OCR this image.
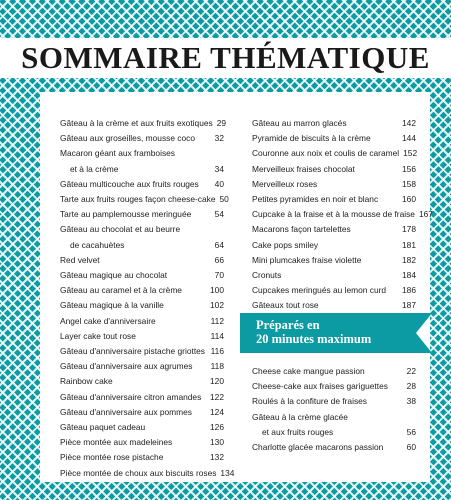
SOMMAIRE THÉMATIQUE
Gâteau à la crème et aux fruits exotiques 29
Gâteau aux groseilles, mousse coco	32
Macaron géant aux framboises
et à la crème	34
Gâteau multicouche aux fruits rouges	40
Tarte aux fruits rouges façon cheese-cake 50
Tarte au pamplemousse meringuée	54
Gâteau au chocolat et au beurre
de cacahuètes	64
Red velvet	66
Gâteau magique au chocolat	70
Gâteau au caramel et à la crème	100
Gâteau magique à la vanille	102
Angel cake d'anniversaire	112
Layer cake tout rose	114
Gâteau d'anniversaire pistache griottes 116
Gâteau d'anniversaire aux agrumes	118
Rainbow cake	120
Gâteau d'anniversaire citron amandes	122
Gâteau d'anniversaire aux pommes	124
Gâteau paquet cadeau	126
Pièce montée aux madeleines	130
Pièce montée rose pistache	132
Pièce montée de choux aux biscuits roses 134
Gâteau au marron glacés	142
Pyramide de biscuits à la crème	144
Couronne aux noix et coulis de caramel 152
Merveilleux fraises chocolat	156
Merveilleux roses	158
Petites pyramides en noir et blanc	160
Cupcake à la fraise et à la mousse de fraise 167
Macarons façon tartelettes	178
Cake pops smiley	181
Mini plumcakes fraise violette	182
Cronuts	184
Cupcakes meringués au lemon curd	186
Gâteaux tout rose	187
Préparés en
20 minutes maximum
Cheese cake mangue passion	22
Cheese-cake aux fraises gariguettes	28
Roulés à la confiture de fraises	38
Gâteau à la crème glacée
et aux fruits rouges	56
Charlotte glacée macarons passion	60
